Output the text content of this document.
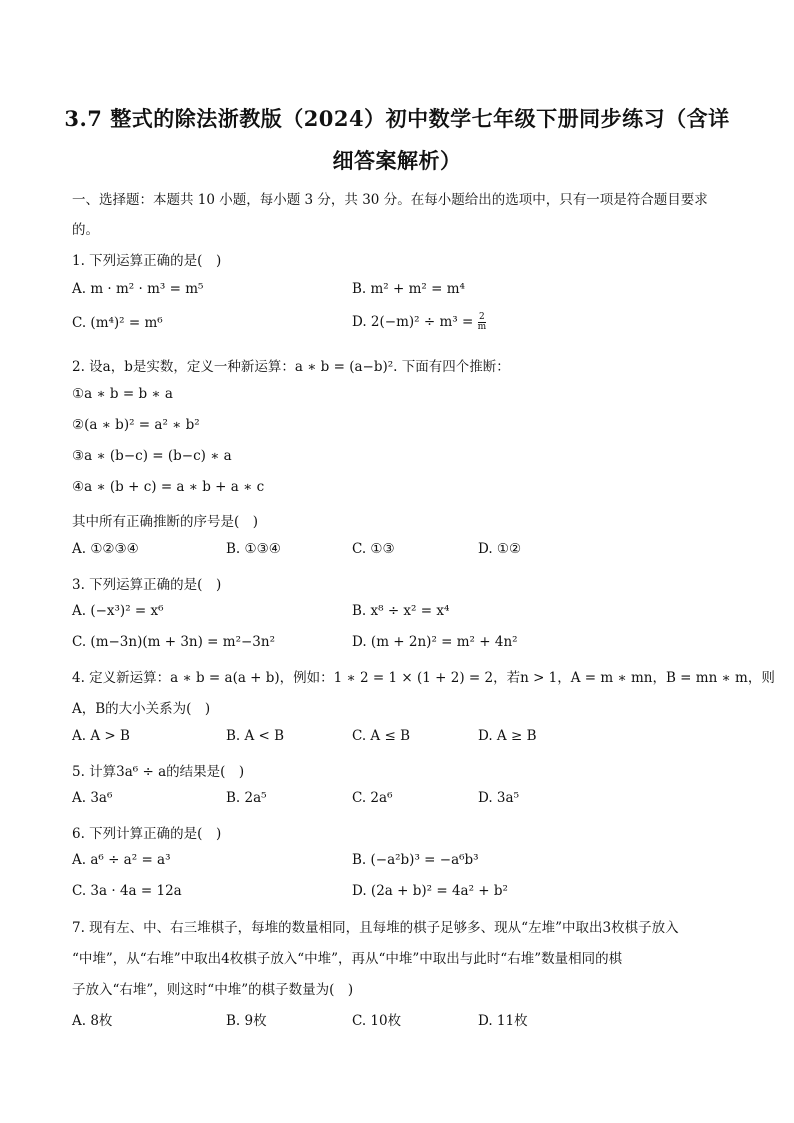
3.7 整式的除法浙教版（2024）初中数学七年级下册同步练习（含详
细答案解析）
一、选择题：本题共 10 小题，每小题 3 分，共 30 分。在每小题给出的选项中，只有一项是符合题目要求
的。
1. 下列运算正确的是(　)
A. m · m² · m³ = m⁵	B. m² + m² = m⁴
C. (m⁴)² = m⁶	D. $2(-m)^2 \div m^3 = \frac{2}{m}$
2. 设a，b是实数，定义一种新运算：a ∗ b = (a−b)². 下面有四个推断：
①a ∗ b = b ∗ a
②(a ∗ b)² = a² ∗ b²
③a ∗ (b−c) = (b−c) ∗ a
④a ∗ (b + c) = a ∗ b + a ∗ c
其中所有正确推断的序号是(　)
A. ①②③④	B. ①③④	C. ①③	D. ①②
3. 下列运算正确的是(　)
A. (−x³)² = x⁶	B. x⁸ ÷ x² = x⁴
C. (m−3n)(m + 3n) = m²−3n²	D. (m + 2n)² = m² + 4n²
4. 定义新运算：a ∗ b = a(a + b)，例如：1 ∗ 2 = 1 × (1 + 2) = 2，若n > 1，A = m ∗ mn，B = mn ∗ m，则
A，B的大小关系为(　)
A. A > B	B. A < B	C. A ≤ B	D. A ≥ B
5. 计算3a⁶ ÷ a的结果是(　)
A. 3a⁶	B. 2a⁵	C. 2a⁶	D. 3a⁵
6. 下列计算正确的是(　)
A. a⁶ ÷ a² = a³	B. (−a²b)³ = −a⁶b³
C. 3a · 4a = 12a	D. (2a + b)² = 4a² + b²
7. 现有左、中、右三堆棋子，每堆的数量相同，且每堆的棋子足够多、现从“左堆”中取出3枚棋子放入
“中堆”，从“右堆”中取出4枚棋子放入“中堆”，再从“中堆”中取出与此时“右堆”数量相同的棋
子放入“右堆”，则这时“中堆”的棋子数量为(　)
A. 8枚	B. 9枚	C. 10枚	D. 11枚
